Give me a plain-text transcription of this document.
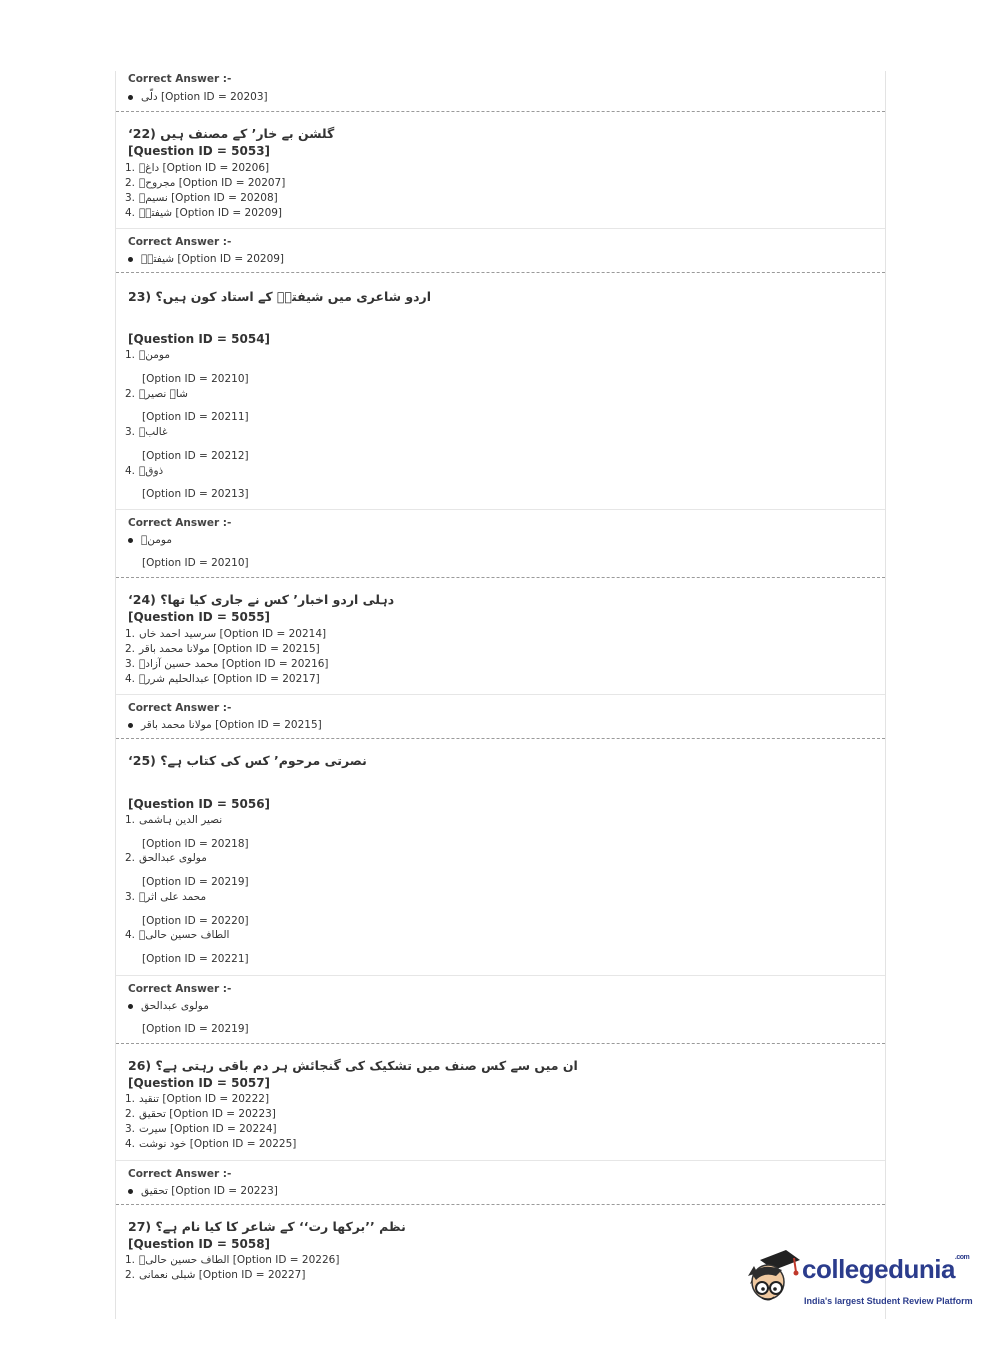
Correct Answer :-
دلّی [Option ID = 20203]
‘گلشن بے خار’ کے مصنف ہیں (22
[Question ID = 5053]
1. داغؔ [Option ID = 20206]
2. مجروحؔ [Option ID = 20207]
3. نسیمؔ [Option ID = 20208]
4. شیفتہؔ [Option ID = 20209]
Correct Answer :-
شیفتہؔ [Option ID = 20209]
اردو شاعری میں شیفتہؔ کے استاد کون ہیں؟ (23
[Question ID = 5054]
1. مومنؔ
[Option ID = 20210]
2. شاہ نصیرؔ
[Option ID = 20211]
3. غالبؔ
[Option ID = 20212]
4. ذوقؔ
[Option ID = 20213]
Correct Answer :-
مومنؔ
[Option ID = 20210]
‘دہلی اردو اخبار’ کس نے جاری کیا تھا؟ (24
[Question ID = 5055]
1. سرسید احمد خاں [Option ID = 20214]
2. مولانا محمد باقر [Option ID = 20215]
3. محمد حسین آزادؔ [Option ID = 20216]
4. عبدالحلیم شررؔ [Option ID = 20217]
Correct Answer :-
مولانا محمد باقر [Option ID = 20215]
‘نصرتی مرحوم’ کس کی کتاب ہے؟ (25
[Question ID = 5056]
1. نصیر الدین ہاشمی
[Option ID = 20218]
2. مولوی عبدالحق
[Option ID = 20219]
3. محمد علی اثرؔ
[Option ID = 20220]
4. الطاف حسین حالیؔ
[Option ID = 20221]
Correct Answer :-
مولوی عبدالحق
[Option ID = 20219]
ان میں سے کس صنف میں تشکیک کی گنجائش ہر دم باقی رہتی ہے؟ (26
[Question ID = 5057]
1. تنقید [Option ID = 20222]
2. تحقیق [Option ID = 20223]
3. سیرت [Option ID = 20224]
4. خود نوشت [Option ID = 20225]
Correct Answer :-
تحقیق [Option ID = 20223]
نظم ’’برکھا رت‘‘ کے شاعر کا کیا نام ہے؟ (27
[Question ID = 5058]
1. الطاف حسین حالیؔ [Option ID = 20226]
2. شبلی نعمانی [Option ID = 20227]	collegedunia$^{.com}$
India's largest Student Review Platform
